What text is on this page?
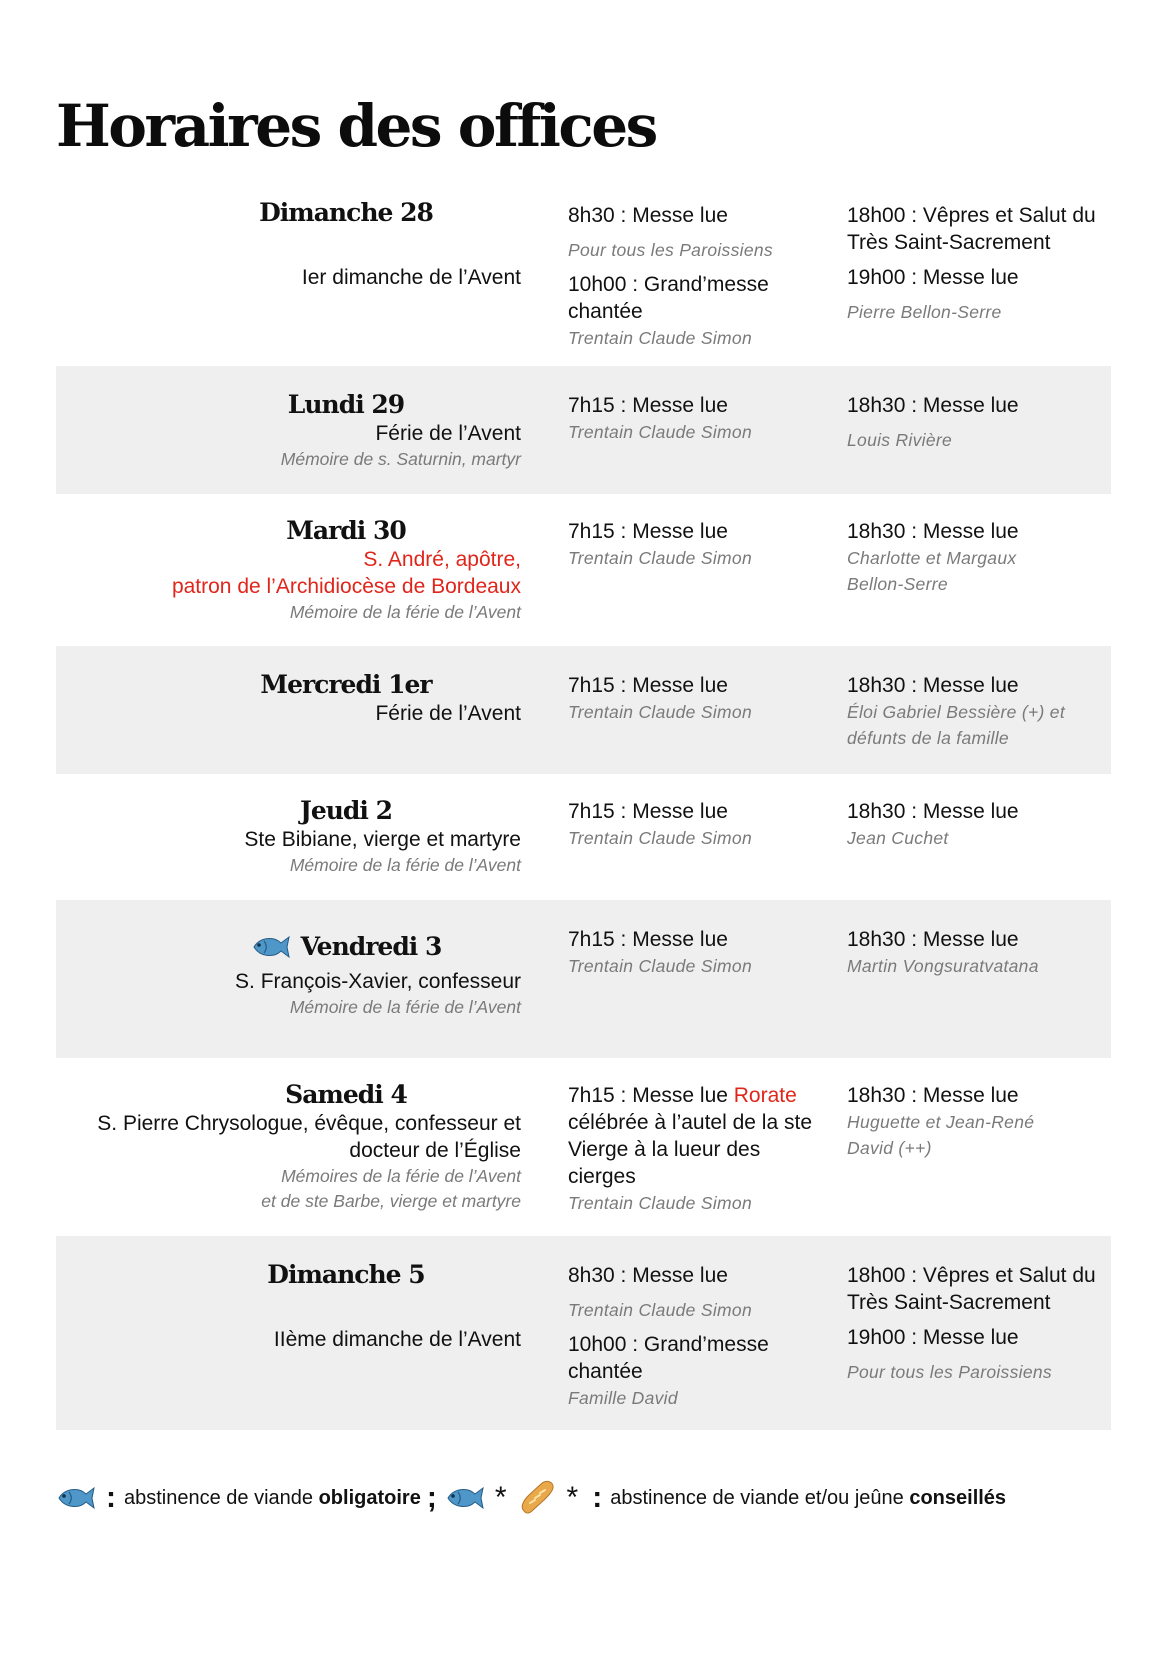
Horaires des offices
Dimanche 28
Ier dimanche de l’Avent
8h30 : Messe lue
Pour tous les Paroissiens
10h00 : Grand’messe chantée
Trentain Claude Simon
18h00 : Vêpres et Salut du Très Saint-Sacrement
19h00 : Messe lue
Pierre Bellon-Serre
Lundi 29
Férie de l’Avent
Mémoire de s. Saturnin, martyr
7h15 : Messe lue
Trentain Claude Simon
18h30 : Messe lue
Louis Rivière
Mardi 30
S. André, apôtre,
patron de l’Archidiocèse de Bordeaux
Mémoire de la férie de l’Avent
7h15 : Messe lue
Trentain Claude Simon
18h30 : Messe lue
Charlotte et Margaux
Bellon-Serre
Mercredi 1er
Férie de l’Avent
7h15 : Messe lue
Trentain Claude Simon
18h30 : Messe lue
Éloi Gabriel Bessière (+) et
défunts de la famille
Jeudi 2
Ste Bibiane, vierge et martyre
Mémoire de la férie de l’Avent
7h15 : Messe lue
Trentain Claude Simon
18h30 : Messe lue
Jean Cuchet
Vendredi 3
S. François-Xavier, confesseur
Mémoire de la férie de l’Avent
7h15 : Messe lue
Trentain Claude Simon
18h30 : Messe lue
Martin Vongsuratvatana
Samedi 4
S. Pierre Chrysologue, évêque, confesseur et
docteur de l’Église
Mémoires de la férie de l’Avent
et de ste Barbe, vierge et martyre
7h15 : Messe lue Rorate célébrée à l’autel de la ste Vierge à la lueur des cierges
Trentain Claude Simon
18h30 : Messe lue
Huguette et Jean-René
David (++)
Dimanche 5
IIème dimanche de l’Avent
8h30 : Messe lue
Trentain Claude Simon
10h00 : Grand’messe chantée
Famille David
18h00 : Vêpres et Salut du Très Saint-Sacrement
19h00 : Messe lue
Pour tous les Paroissiens
: abstinence de viande obligatoire ; * * : abstinence de viande et/ou jeûne conseillés
